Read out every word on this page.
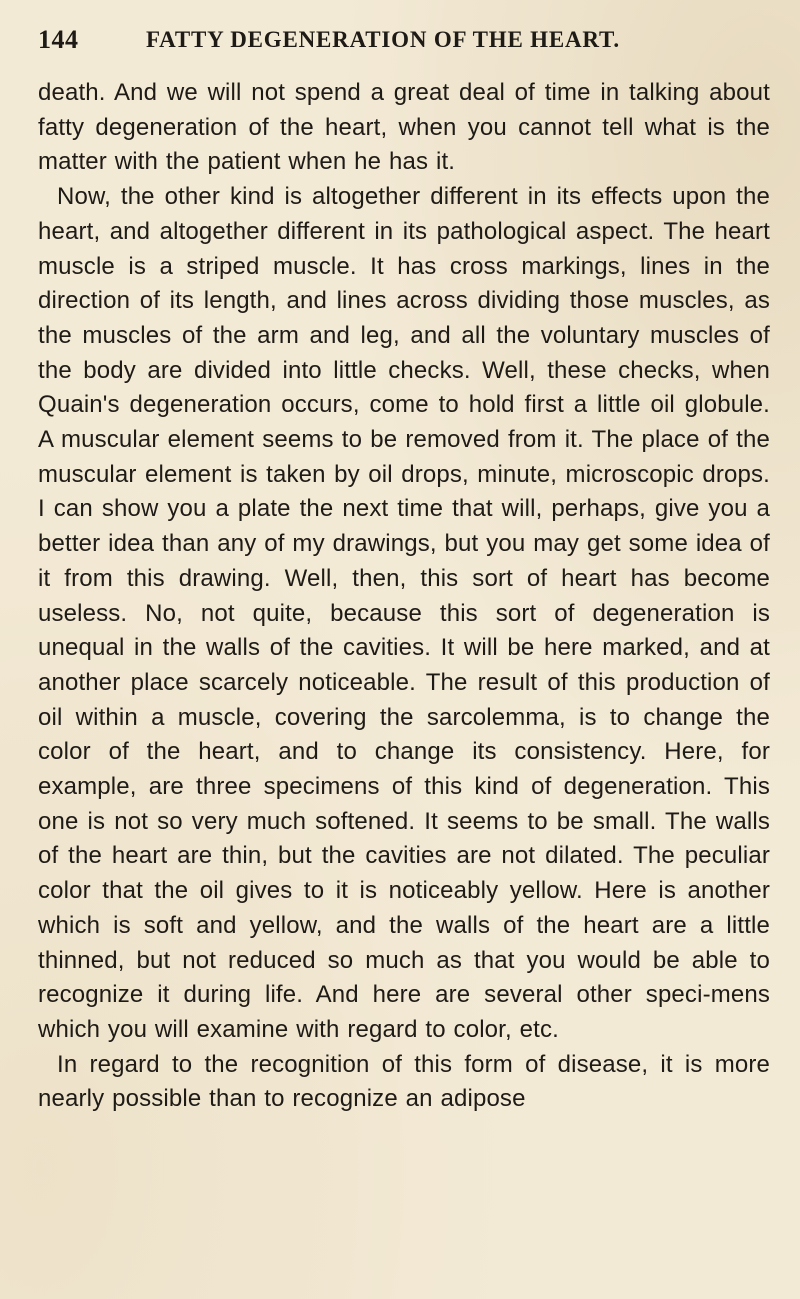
144	FATTY DEGENERATION OF THE HEART.

death. And we will not spend a great deal of time in talking about fatty degeneration of the heart, when you cannot tell what is the matter with the patient when he has it.

Now, the other kind is altogether different in its effects upon the heart, and altogether different in its pathological aspect. The heart muscle is a striped muscle. It has cross markings, lines in the direction of its length, and lines across dividing those muscles, as the muscles of the arm and leg, and all the voluntary muscles of the body are divided into little checks. Well, these checks, when Quain's degeneration occurs, come to hold first a little oil globule. A muscular element seems to be removed from it. The place of the muscular element is taken by oil drops, minute, microscopic drops. I can show you a plate the next time that will, perhaps, give you a better idea than any of my drawings, but you may get some idea of it from this drawing. Well, then, this sort of heart has become useless. No, not quite, because this sort of degeneration is unequal in the walls of the cavities. It will be here marked, and at another place scarcely noticeable. The result of this production of oil within a muscle, covering the sarcolemma, is to change the color of the heart, and to change its consistency. Here, for example, are three specimens of this kind of degeneration. This one is not so very much softened. It seems to be small. The walls of the heart are thin, but the cavities are not dilated. The peculiar color that the oil gives to it is noticeably yellow. Here is another which is soft and yellow, and the walls of the heart are a little thinned, but not reduced so much as that you would be able to recognize it during life. And here are several other speci-mens which you will examine with regard to color, etc.

In regard to the recognition of this form of disease, it is more nearly possible than to recognize an adipose
